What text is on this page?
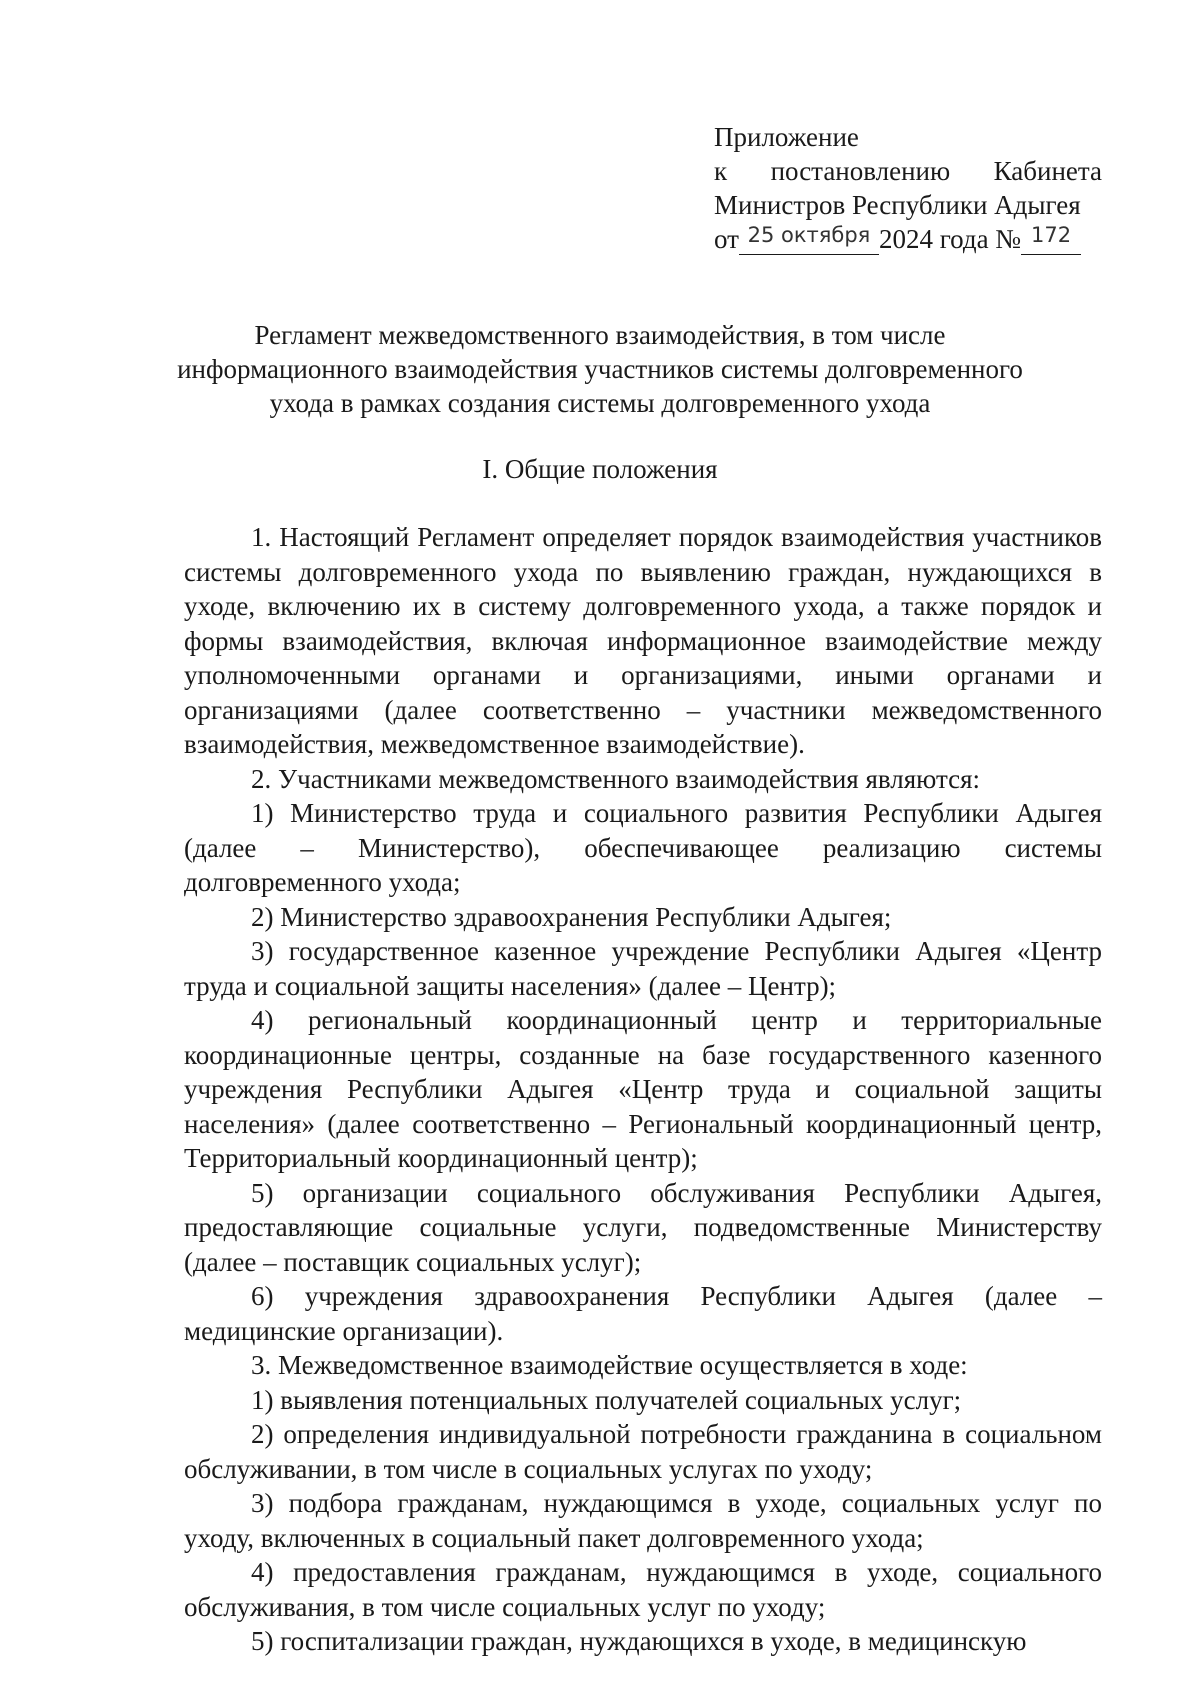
Приложение
к постановлению Кабинета
Министров Республики Адыгея
от $^{25 октября}$ 2024 года № $^{172}$
Регламент межведомственного взаимодействия, в том числе
информационного взаимодействия участников системы долговременного
ухода в рамках создания системы долговременного ухода
I. Общие положения

1. Настоящий Регламент определяет порядок взаимодействия участников системы долговременного ухода по выявлению граждан, нуждающихся в уходе, включению их в систему долговременного ухода, а также порядок и формы взаимодействия, включая информационное взаимодействие между уполномоченными органами и организациями, иными органами и организациями (далее соответственно – участники межведомственного взаимодействия, межведомственное взаимодействие).

2. Участниками межведомственного взаимодействия являются:

1) Министерство труда и социального развития Республики Адыгея (далее – Министерство), обеспечивающее реализацию системы долговременного ухода;

2) Министерство здравоохранения Республики Адыгея;

3) государственное казенное учреждение Республики Адыгея «Центр труда и социальной защиты населения» (далее – Центр);

4) региональный координационный центр и территориальные координационные центры, созданные на базе государственного казенного учреждения Республики Адыгея «Центр труда и социальной защиты населения» (далее соответственно – Региональный координационный центр, Территориальный координационный центр);

5) организации социального обслуживания Республики Адыгея, предоставляющие социальные услуги, подведомственные Министерству (далее – поставщик социальных услуг);

6) учреждения здравоохранения Республики Адыгея (далее – медицинские организации).

3. Межведомственное взаимодействие осуществляется в ходе:

1) выявления потенциальных получателей социальных услуг;

2) определения индивидуальной потребности гражданина в социальном обслуживании, в том числе в социальных услугах по уходу;

3) подбора гражданам, нуждающимся в уходе, социальных услуг по уходу, включенных в социальный пакет долговременного ухода;

4) предоставления гражданам, нуждающимся в уходе, социального обслуживания, в том числе социальных услуг по уходу;

5) госпитализации граждан, нуждающихся в уходе, в медицинскую
